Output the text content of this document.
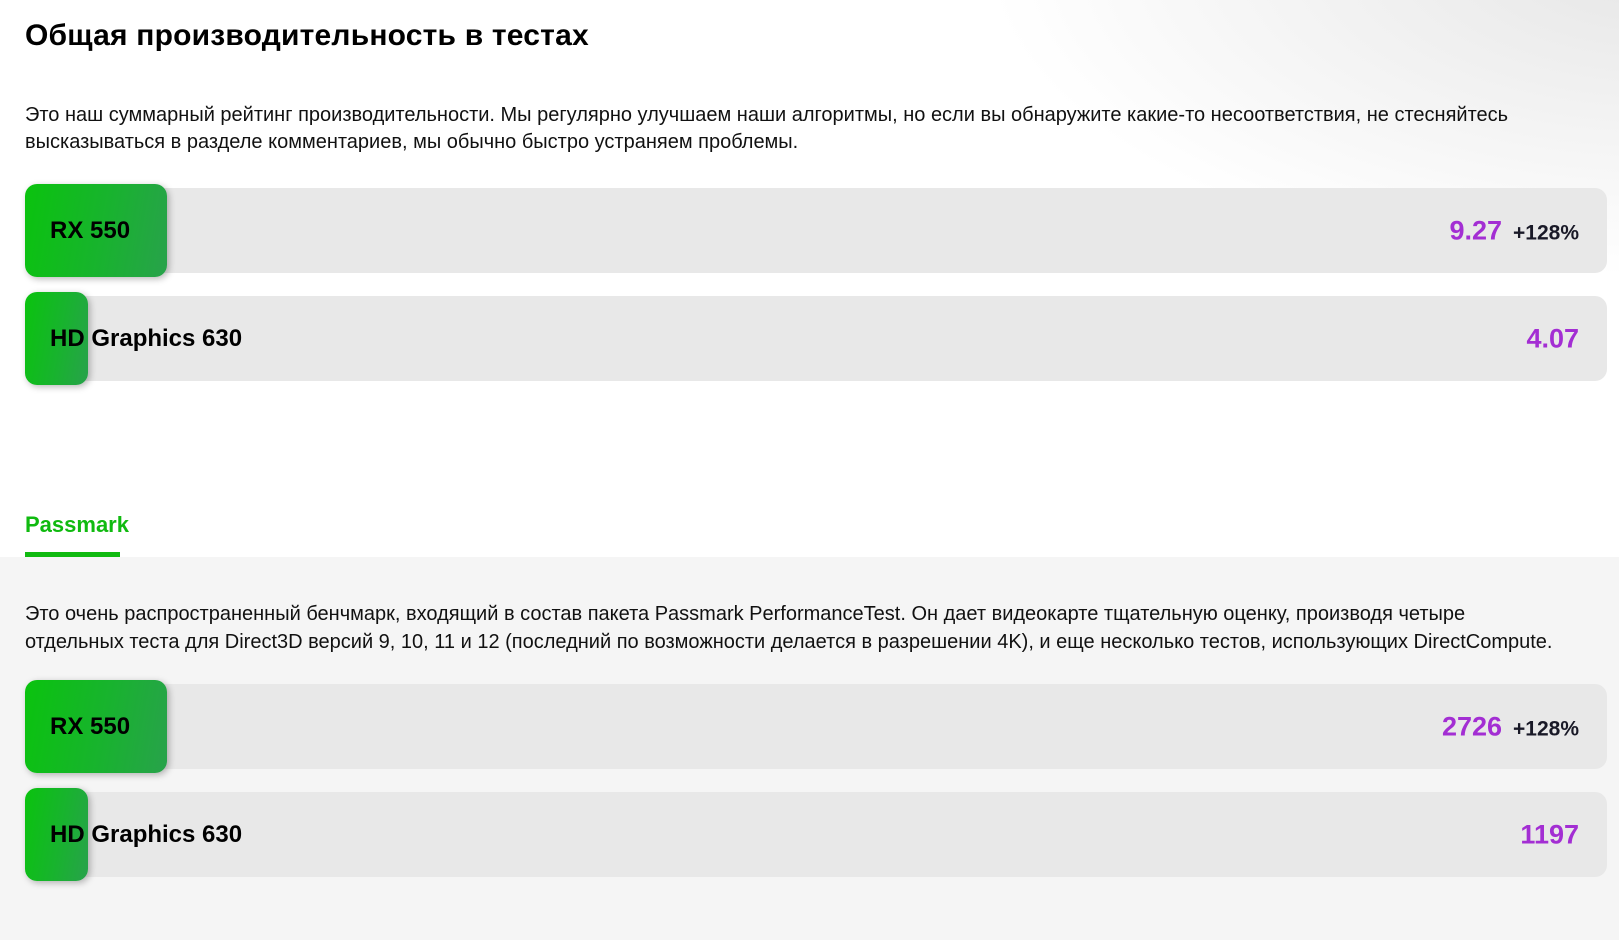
Общая производительность в тестах

Это наш суммарный рейтинг производительности. Мы регулярно улучшаем наши алгоритмы, но если вы обнаружите какие-то несоответствия, не стесняйтесь высказываться в разделе комментариев, мы обычно быстро устраняем проблемы.

RX 550	9.27 +128%
HD Graphics 630	4.07
Passmark

Это очень распространенный бенчмарк, входящий в состав пакета Passmark PerformanceTest. Он дает видеокарте тщательную оценку, производя четыре отдельных теста для Direct3D версий 9, 10, 11 и 12 (последний по возможности делается в разрешении 4K), и еще несколько тестов, использующих DirectCompute.

RX 550	2726 +128%
HD Graphics 630	1197
